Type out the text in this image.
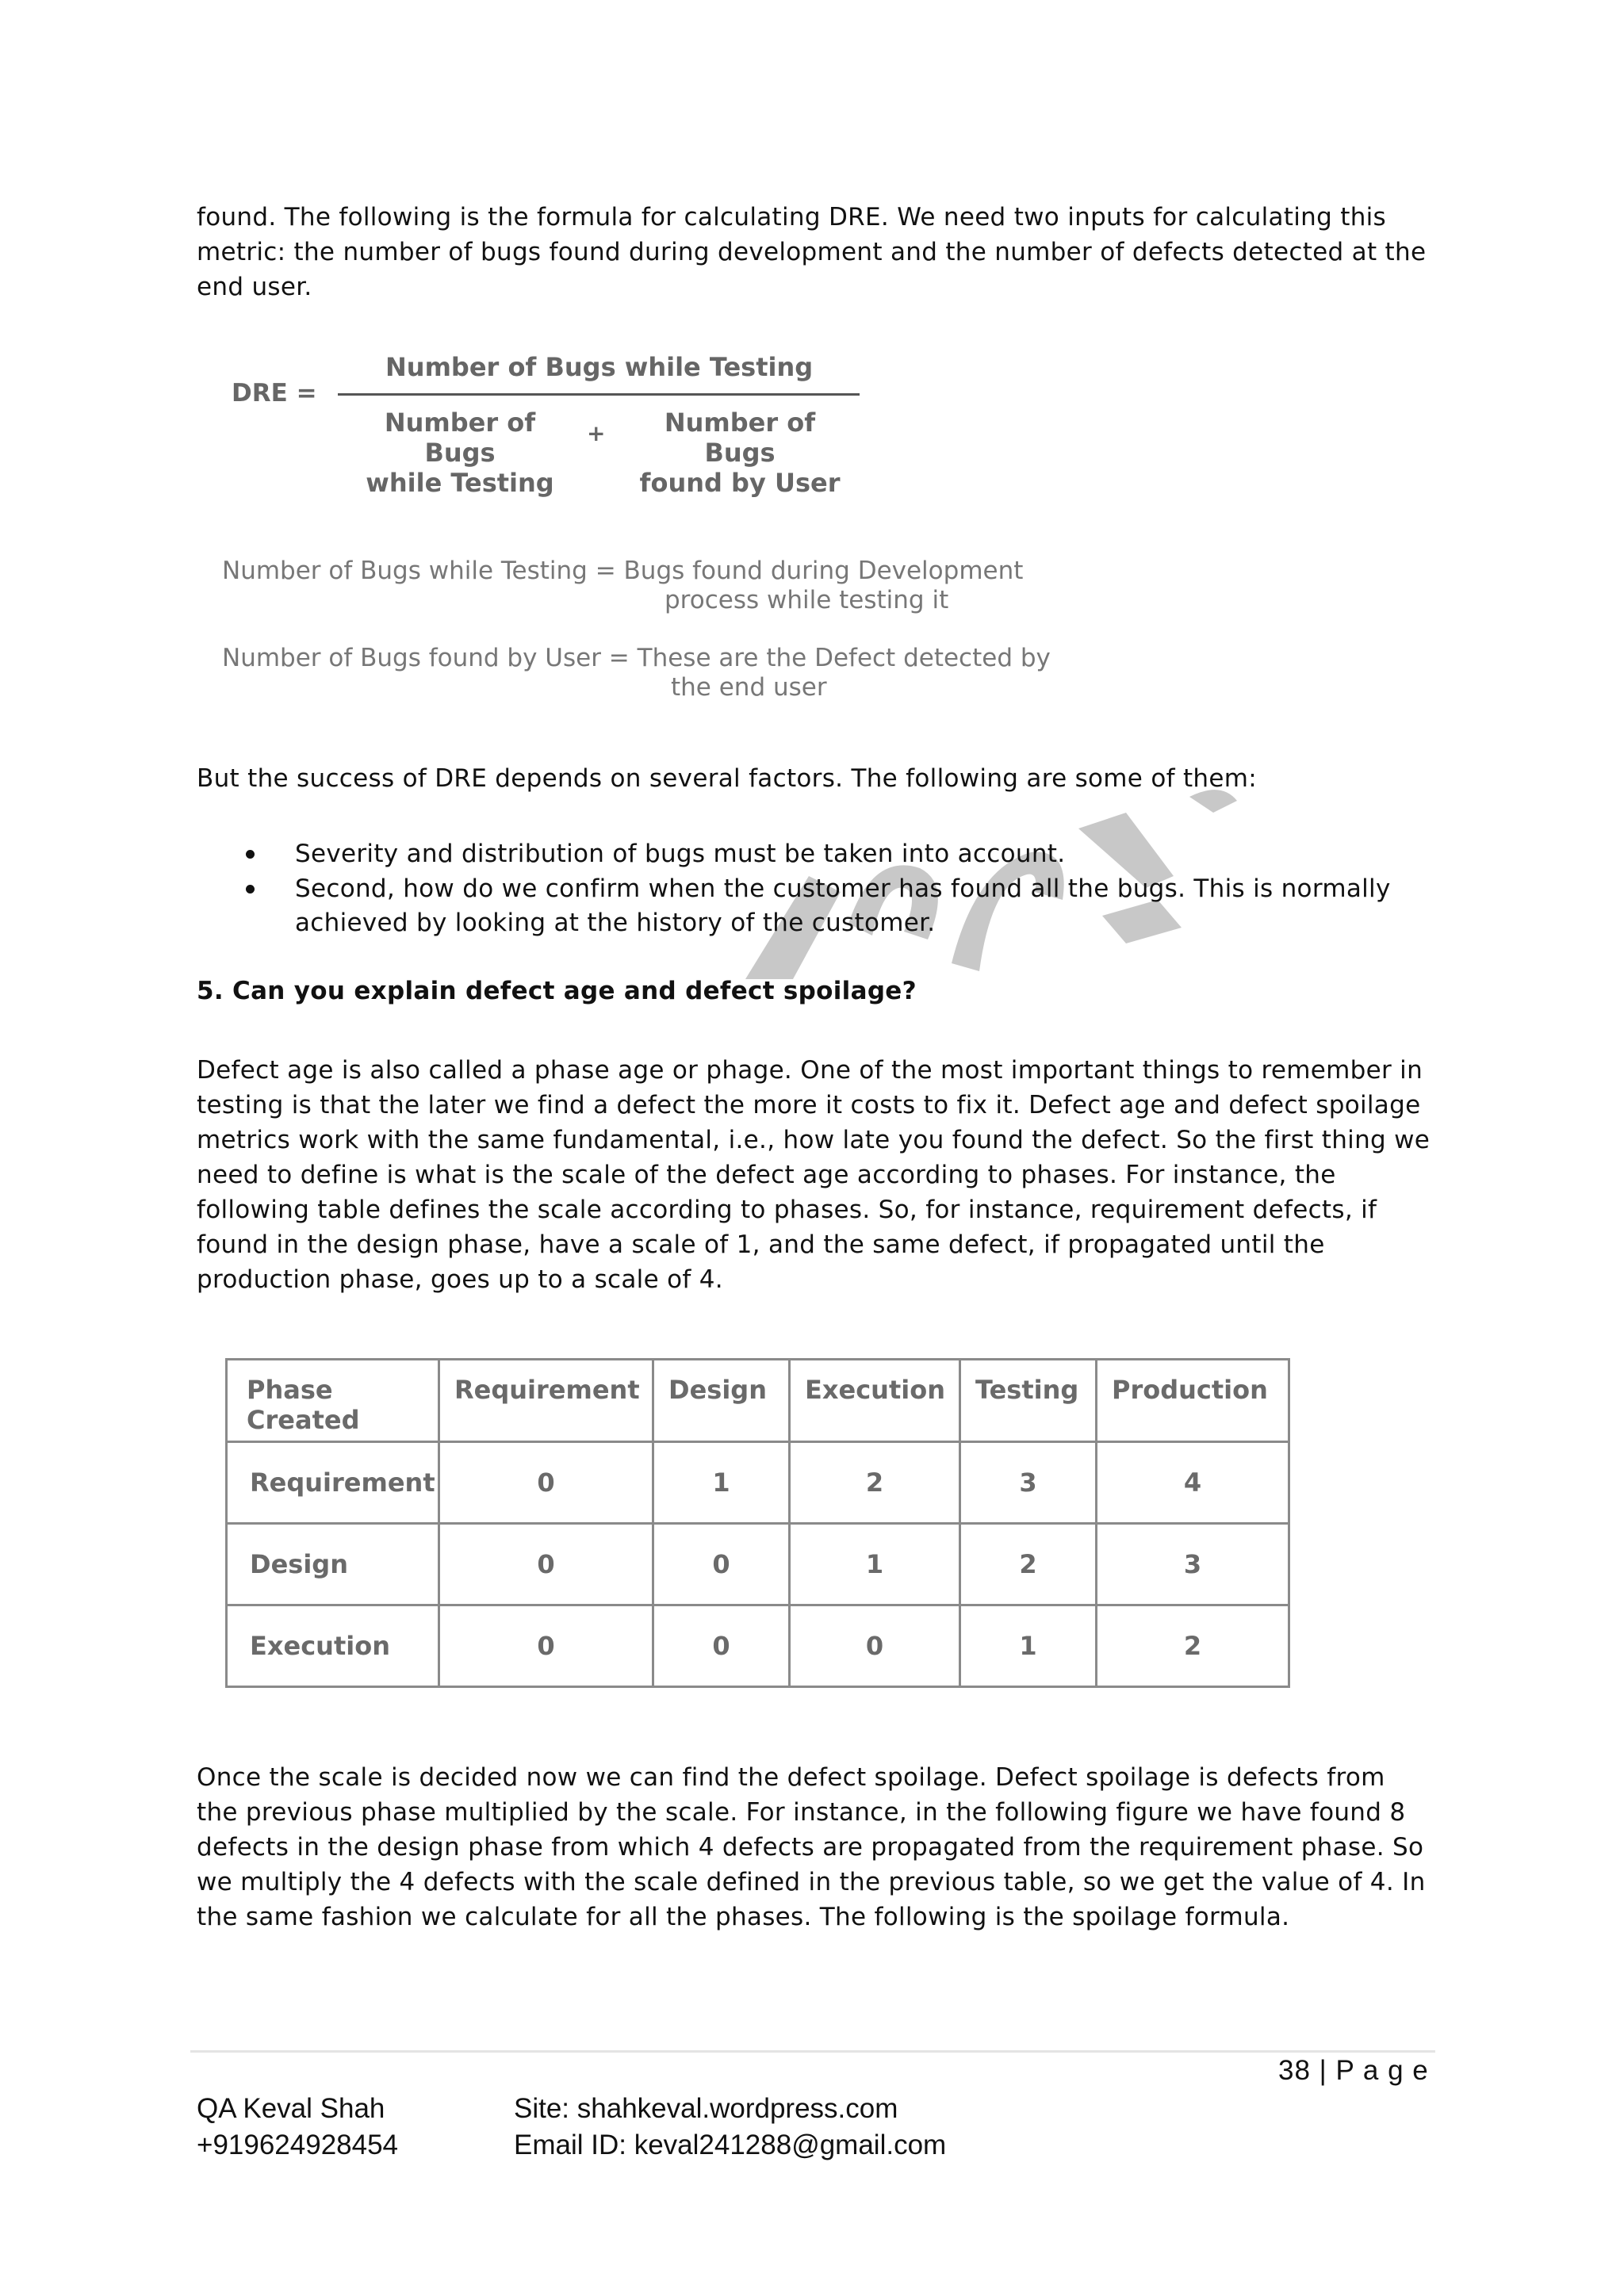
found. The following is the formula for calculating DRE. We need two inputs for calculating this metric: the number of bugs found during development and the number of defects detected at the end user.

DRE =
Number of Bugs while Testing
Number of Bugs
while Testing
+	Number of Bugs
found by User
Number of Bugs while Testing = Bugs found during Development
process while testing it
Number of Bugs found by User = These are the Defect detected by
the end user

But the success of DRE depends on several factors. The following are some of them:

Severity and distribution of bugs must be taken into account.
Second, how do we confirm when the customer has found all the bugs. This is normally achieved by looking at the history of the customer.
5. Can you explain defect age and defect spoilage?

Defect age is also called a phase age or phage. One of the most important things to remember in testing is that the later we find a defect the more it costs to fix it. Defect age and defect spoilage metrics work with the same fundamental, i.e., how late you found the defect. So the first thing we need to define is what is the scale of the defect age according to phases. For instance, the following table defines the scale according to phases. So, for instance, requirement defects, if found in the design phase, have a scale of 1, and the same defect, if propagated until the production phase, goes up to a scale of 4.

Phase
Created	Requirement	Design	Execution	Testing	Production
Requirement	0	1	2	3	4
Design	0	0	1	2	3
Execution	0	0	0	1	2

Once the scale is decided now we can find the defect spoilage. Defect spoilage is defects from the previous phase multiplied by the scale. For instance, in the following figure we have found 8 defects in the design phase from which 4 defects are propagated from the requirement phase. So we multiply the 4 defects with the scale defined in the previous table, so we get the value of 4. In the same fashion we calculate for all the phases. The following is the spoilage formula.

38 | P a g e
QA Keval Shah
+919624928454
Site: shahkeval.wordpress.com
Email ID: keval241288@gmail.com
